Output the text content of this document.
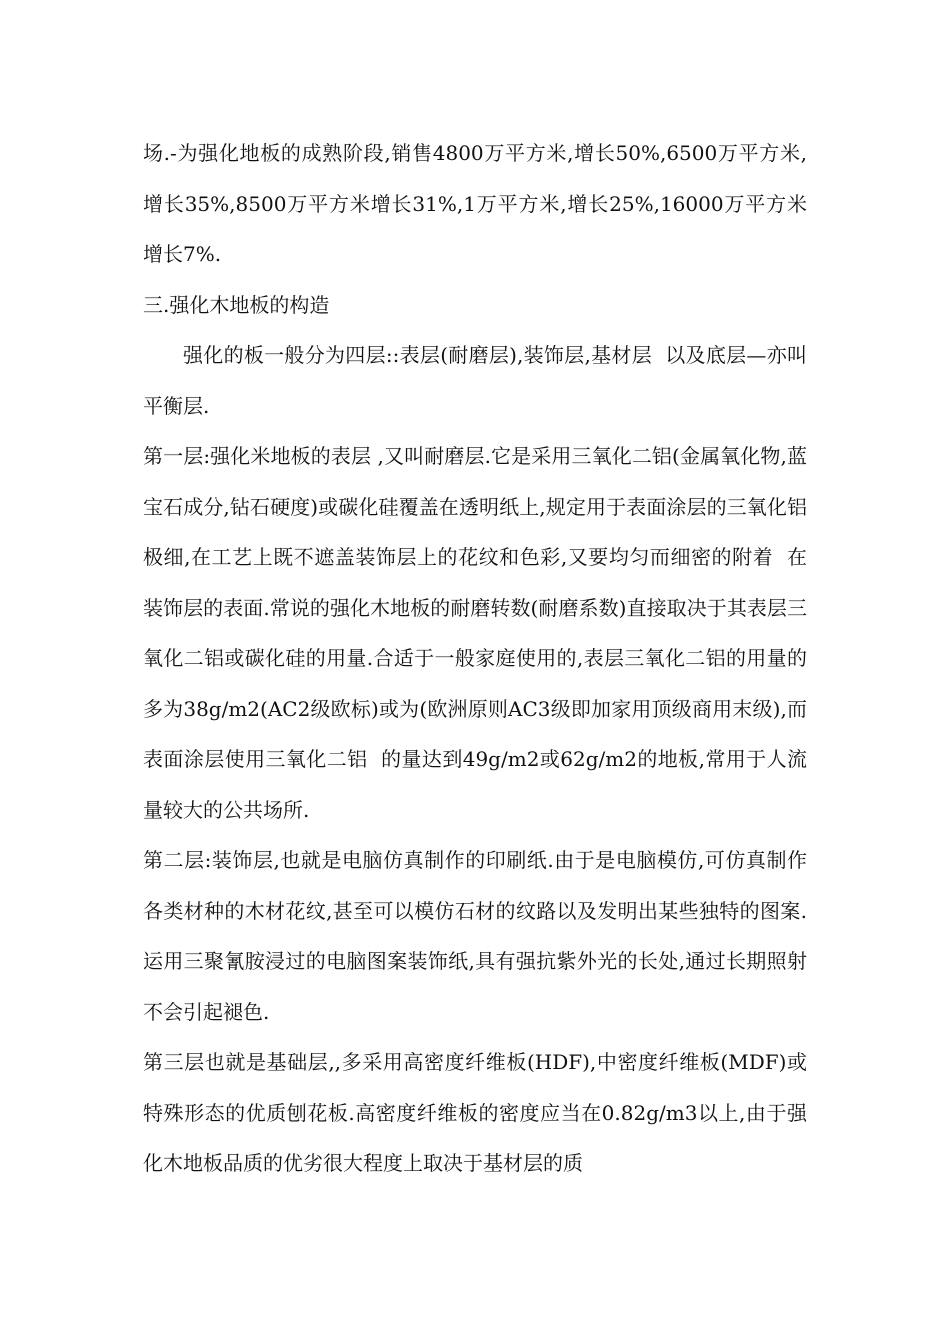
场.-为强化地板的成熟阶段,销售4800万平方米,增长50%,6500万平方米,增长35%,8500万平方米增长31%,1万平方米,增长25%,16000万平方米增长7%.

三.强化木地板的构造

强化的板一般分为四层::表层(耐磨层),装饰层,基材层  以及底层—亦叫平衡层.

第一层:强化米地板的表层 ,又叫耐磨层.它是采用三氧化二铝(金属氧化物,蓝宝石成分,钻石硬度)或碳化硅覆盖在透明纸上,规定用于表面涂层的三氧化铝极细,在工艺上既不遮盖装饰层上的花纹和色彩,又要均匀而细密的附着  在装饰层的表面.常说的强化木地板的耐磨转数(耐磨系数)直接取决于其表层三氧化二铝或碳化硅的用量.合适于一般家庭使用的,表层三氧化二铝的用量的多为38g/m2(AC2级欧标)或为(欧洲原则AC3级即加家用顶级商用末级),而表面涂层使用三氧化二铝  的量达到49g/m2或62g/m2的地板,常用于人流量较大的公共场所.

第二层:装饰层,也就是电脑仿真制作的印刷纸.由于是电脑模仿,可仿真制作各类材种的木材花纹,甚至可以模仿石材的纹路以及发明出某些独特的图案.运用三聚氰胺浸过的电脑图案装饰纸,具有强抗紫外光的长处,通过长期照射不会引起褪色.

第三层也就是基础层,,多采用高密度纤维板(HDF),中密度纤维板(MDF)或特殊形态的优质刨花板.高密度纤维板的密度应当在0.82g/m3以上,由于强化木地板品质的优劣很大程度上取决于基材层的质
